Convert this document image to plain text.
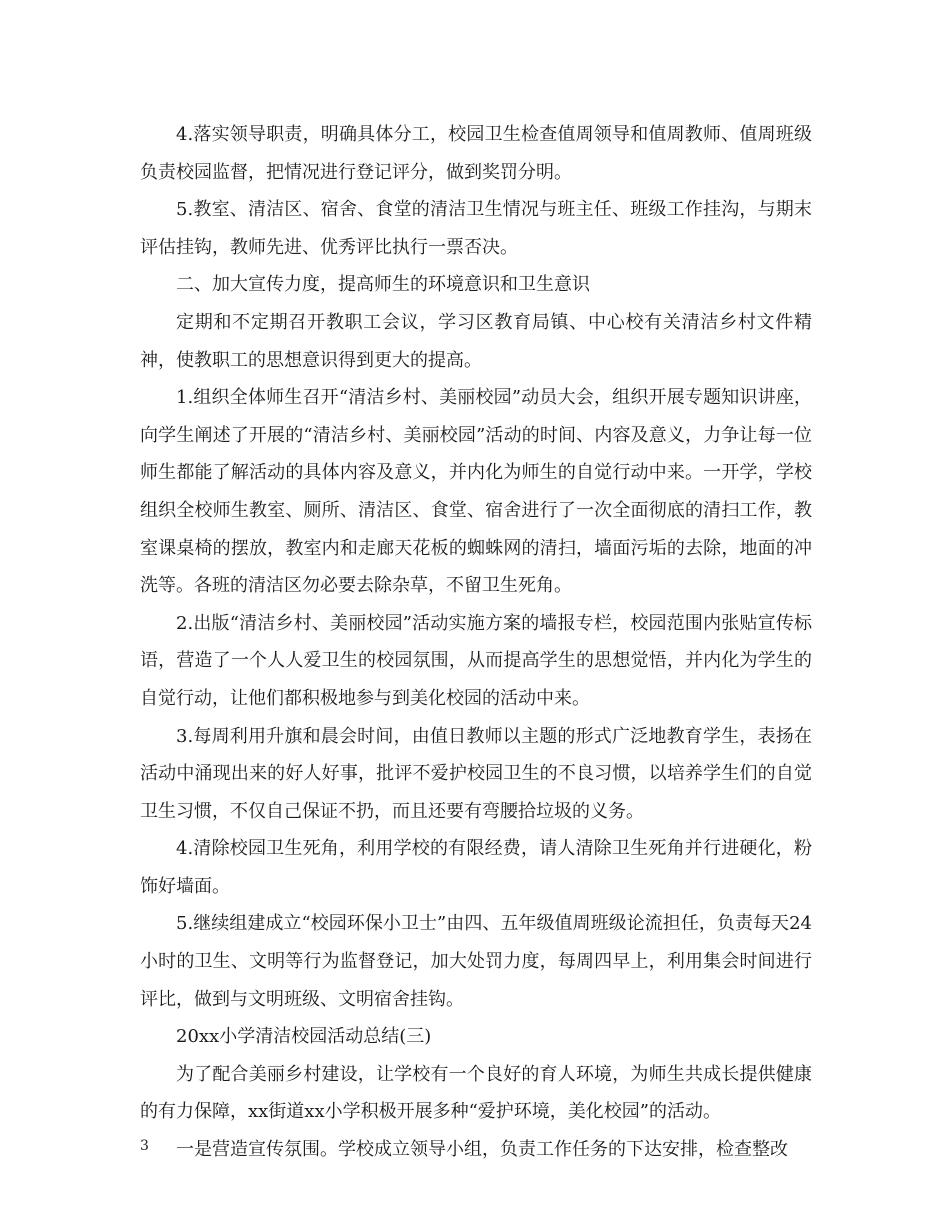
4.落实领导职责，明确具体分工，校园卫生检查值周领导和值周教师、值周班级负责校园监督，把情况进行登记评分，做到奖罚分明。

5.教室、清洁区、宿舍、食堂的清洁卫生情况与班主任、班级工作挂沟，与期末评估挂钩，教师先进、优秀评比执行一票否决。

二、加大宣传力度，提高师生的环境意识和卫生意识

定期和不定期召开教职工会议，学习区教育局镇、中心校有关清洁乡村文件精神，使教职工的思想意识得到更大的提高。

1.组织全体师生召开“清洁乡村、美丽校园”动员大会，组织开展专题知识讲座，向学生阐述了开展的“清洁乡村、美丽校园”活动的时间、内容及意义，力争让每一位师生都能了解活动的具体内容及意义，并内化为师生的自觉行动中来。一开学，学校组织全校师生教室、厕所、清洁区、食堂、宿舍进行了一次全面彻底的清扫工作，教室课桌椅的摆放，教室内和走廊天花板的蜘蛛网的清扫，墙面污垢的去除，地面的冲洗等。各班的清洁区勿必要去除杂草，不留卫生死角。

2.出版“清洁乡村、美丽校园”活动实施方案的墙报专栏，校园范围内张贴宣传标语，营造了一个人人爱卫生的校园氛围，从而提高学生的思想觉悟，并内化为学生的自觉行动，让他们都积极地参与到美化校园的活动中来。

3.每周利用升旗和晨会时间，由值日教师以主题的形式广泛地教育学生，表扬在活动中涌现出来的好人好事，批评不爱护校园卫生的不良习惯，以培养学生们的自觉卫生习惯，不仅自己保证不扔，而且还要有弯腰拾垃圾的义务。

4.清除校园卫生死角，利用学校的有限经费，请人清除卫生死角并行进硬化，粉饰好墙面。

5.继续组建成立“校园环保小卫士”由四、五年级值周班级论流担任，负责每天24小时的卫生、文明等行为监督登记，加大处罚力度，每周四早上，利用集会时间进行评比，做到与文明班级、文明宿舍挂钩。

20xx小学清洁校园活动总结(三)

为了配合美丽乡村建设，让学校有一个良好的育人环境，为师生共成长提供健康的有力保障，xx街道xx小学积极开展多种“爱护环境，美化校园”的活动。

一是营造宣传氛围。学校成立领导小组，负责工作任务的下达安排，检查整改

3
